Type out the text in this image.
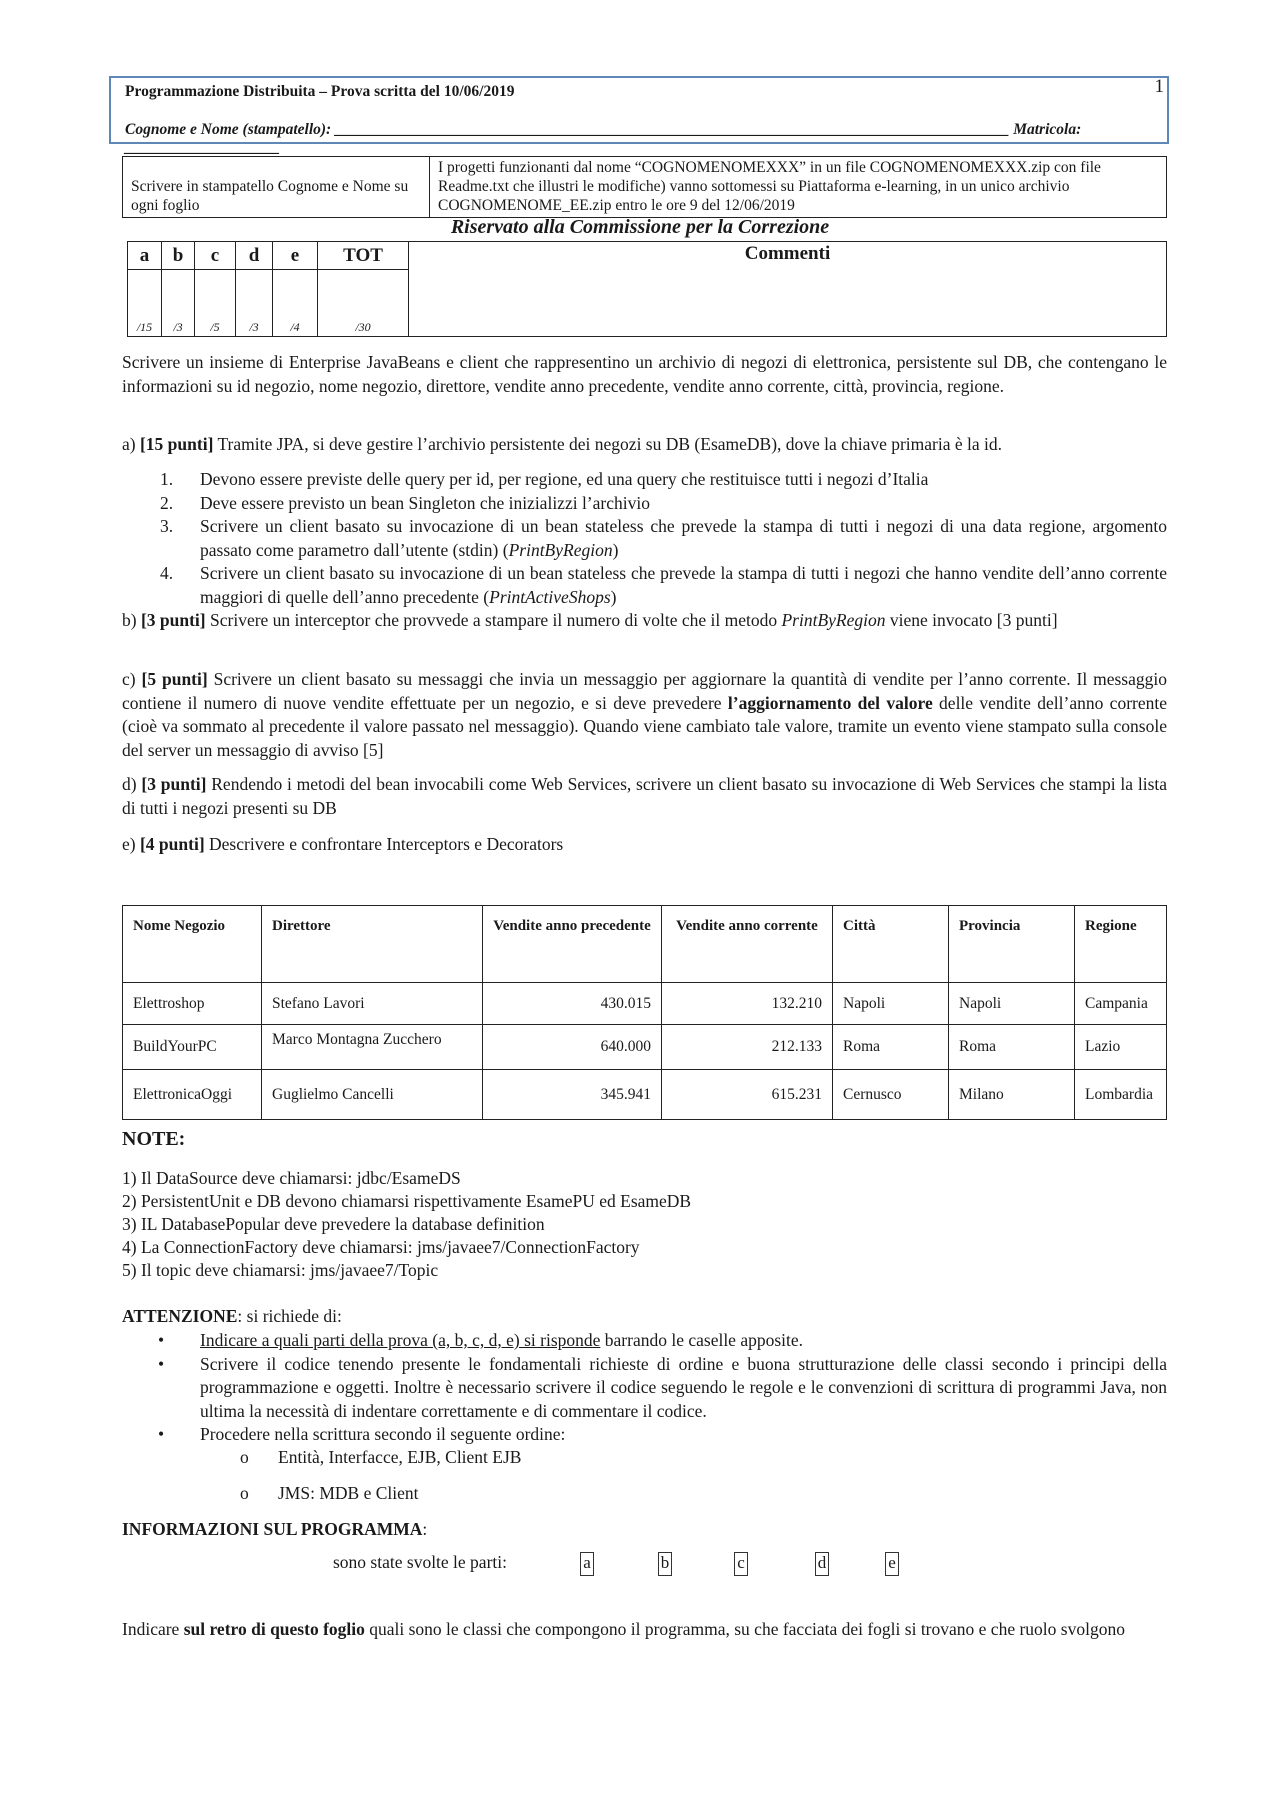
Programmazione Distribuita – Prova scritta del 10/06/2019
Cognome e Nome (stampatello): _______________________________________________________________________________________ Matricola: ____________________
1
Scrivere in stampatello Cognome e Nome su ogni foglio	I progetti funzionanti dal nome “COGNOMENOMEXXX” in un file COGNOMENOMEXXX.zip con file Readme.txt che illustri le modifiche) vanno sottomessi su Piattaforma e-learning, in un unico archivio COGNOMENOME_EE.zip entro le ore 9 del 12/06/2019
Riservato alla Commissione per la Correzione
a	b	c	d	e	TOT	Commenti
/15	/3	/5	/3	/4	/30	
Scrivere un insieme di Enterprise JavaBeans e client che rappresentino un archivio di negozi di elettronica, persistente sul DB, che contengano le informazioni su id negozio, nome negozio, direttore, vendite anno precedente, vendite anno corrente, città, provincia, regione.
a) [15 punti] Tramite JPA, si deve gestire l’archivio persistente dei negozi su DB (EsameDB), dove la chiave primaria è la id.
1.	Devono essere previste delle query per id, per regione, ed una query che restituisce tutti i negozi d’Italia
2.	Deve essere previsto un bean Singleton che inizializzi l’archivio
3.	Scrivere un client basato su invocazione di un bean stateless che prevede la stampa di tutti i negozi di una data regione, argomento passato come parametro dall’utente (stdin) (PrintByRegion)
4.	Scrivere un client basato su invocazione di un bean stateless che prevede la stampa di tutti i negozi che hanno vendite dell’anno corrente maggiori di quelle dell’anno precedente (PrintActiveShops)
b) [3 punti] Scrivere un interceptor che provvede a stampare il numero di volte che il metodo PrintByRegion viene invocato [3 punti]
c) [5 punti] Scrivere un client basato su messaggi che invia un messaggio per aggiornare la quantità di vendite per l’anno corrente. Il messaggio contiene il numero di nuove vendite effettuate per un negozio, e si deve prevedere l’aggiornamento del valore delle vendite dell’anno corrente (cioè va sommato al precedente il valore passato nel messaggio). Quando viene cambiato tale valore, tramite un evento viene stampato sulla console del server un messaggio di avviso [5]
d) [3 punti] Rendendo i metodi del bean invocabili come Web Services, scrivere un client basato su invocazione di Web Services che stampi la lista di tutti i negozi presenti su DB
e) [4 punti] Descrivere e confrontare Interceptors e Decorators
Nome Negozio	Direttore	Vendite anno precedente	Vendite anno corrente	Città	Provincia	Regione
Elettroshop	Stefano Lavori	430.015	132.210	Napoli	Napoli	Campania
BuildYourPC	Marco Montagna Zucchero	640.000	212.133	Roma	Roma	Lazio
ElettronicaOggi	Guglielmo Cancelli	345.941	615.231	Cernusco	Milano	Lombardia
NOTE:
1) Il DataSource deve chiamarsi: jdbc/EsameDS
2) PersistentUnit e DB devono chiamarsi rispettivamente EsamePU ed EsameDB
3) IL DatabasePopular deve prevedere la database definition
4) La ConnectionFactory deve chiamarsi: jms/javaee7/ConnectionFactory
5) Il topic deve chiamarsi: jms/javaee7/Topic
ATTENZIONE: si richiede di:
• Indicare a quali parti della prova (a, b, c, d, e) si risponde barrando le caselle apposite.
• Scrivere il codice tenendo presente le fondamentali richieste di ordine e buona strutturazione delle classi secondo i principi della programmazione e oggetti. Inoltre è necessario scrivere il codice seguendo le regole e le convenzioni di scrittura di programmi Java, non ultima la necessità di indentare correttamente e di commentare il codice.
• Procedere nella scrittura secondo il seguente ordine:
o Entità, Interfacce, EJB, Client EJB
o JMS: MDB e Client
INFORMAZIONI SUL PROGRAMMA:
sono state svolte le parti:	a	b	c	d	e
Indicare sul retro di questo foglio quali sono le classi che compongono il programma, su che facciata dei fogli si trovano e che ruolo svolgono
